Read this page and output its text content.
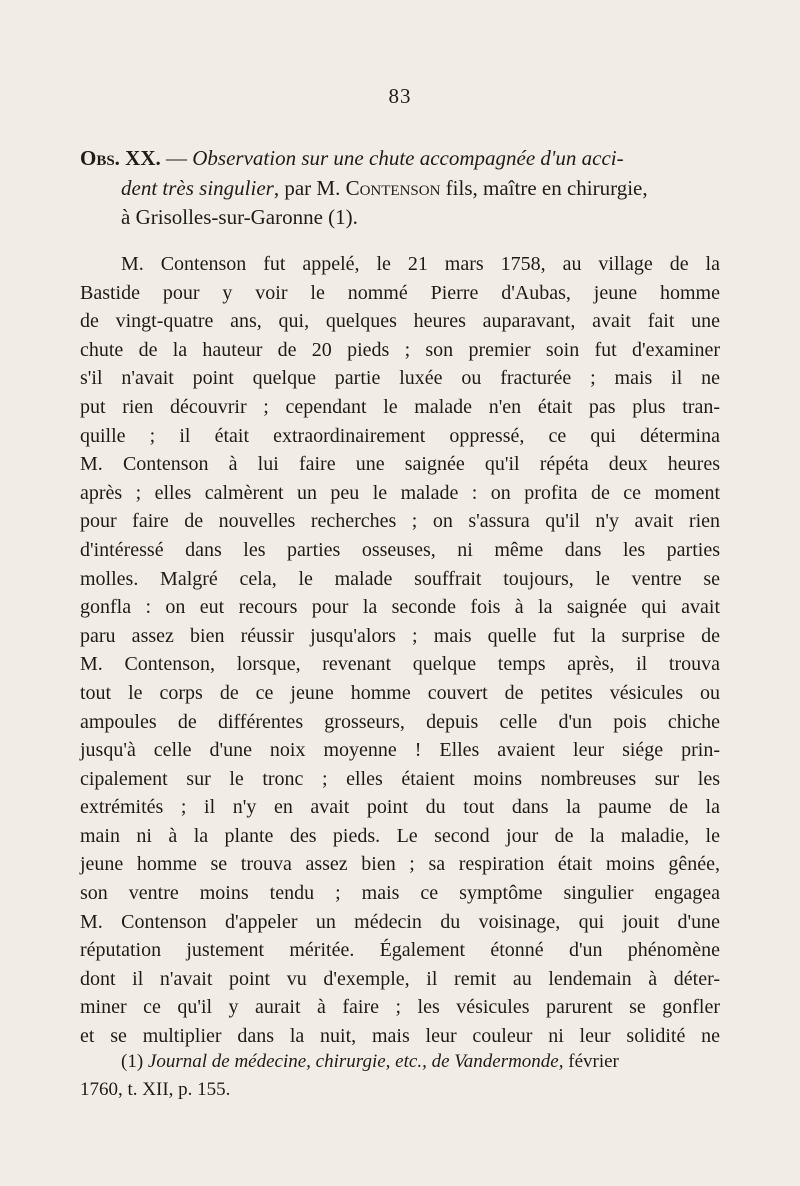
83
Obs. XX. — Observation sur une chute accompagnée d'un acci-
dent très singulier, par M. Contenson fils, maître en chirurgie,
à Grisolles-sur-Garonne (1).
M. Contenson fut appelé, le 21 mars 1758, au village de la
Bastide pour y voir le nommé Pierre d'Aubas, jeune homme
de vingt-quatre ans, qui, quelques heures auparavant, avait fait une
chute de la hauteur de 20 pieds ; son premier soin fut d'examiner
s'il n'avait point quelque partie luxée ou fracturée ; mais il ne
put rien découvrir ; cependant le malade n'en était pas plus tran-
quille ; il était extraordinairement oppressé, ce qui détermina
M. Contenson à lui faire une saignée qu'il répéta deux heures
après ; elles calmèrent un peu le malade : on profita de ce moment
pour faire de nouvelles recherches ; on s'assura qu'il n'y avait rien
d'intéressé dans les parties osseuses, ni même dans les parties
molles. Malgré cela, le malade souffrait toujours, le ventre se
gonfla : on eut recours pour la seconde fois à la saignée qui avait
paru assez bien réussir jusqu'alors ; mais quelle fut la surprise de
M. Contenson, lorsque, revenant quelque temps après, il trouva
tout le corps de ce jeune homme couvert de petites vésicules ou
ampoules de différentes grosseurs, depuis celle d'un pois chiche
jusqu'à celle d'une noix moyenne ! Elles avaient leur siége prin-
cipalement sur le tronc ; elles étaient moins nombreuses sur les
extrémités ; il n'y en avait point du tout dans la paume de la
main ni à la plante des pieds. Le second jour de la maladie, le
jeune homme se trouva assez bien ; sa respiration était moins gênée,
son ventre moins tendu ; mais ce symptôme singulier engagea
M. Contenson d'appeler un médecin du voisinage, qui jouit d'une
réputation justement méritée. Également étonné d'un phénomène
dont il n'avait point vu d'exemple, il remit au lendemain à déter-
miner ce qu'il y aurait à faire ; les vésicules parurent se gonfler
et se multiplier dans la nuit, mais leur couleur ni leur solidité ne
(1) Journal de médecine, chirurgie, etc., de Vandermonde, février
1760, t. XII, p. 155.
